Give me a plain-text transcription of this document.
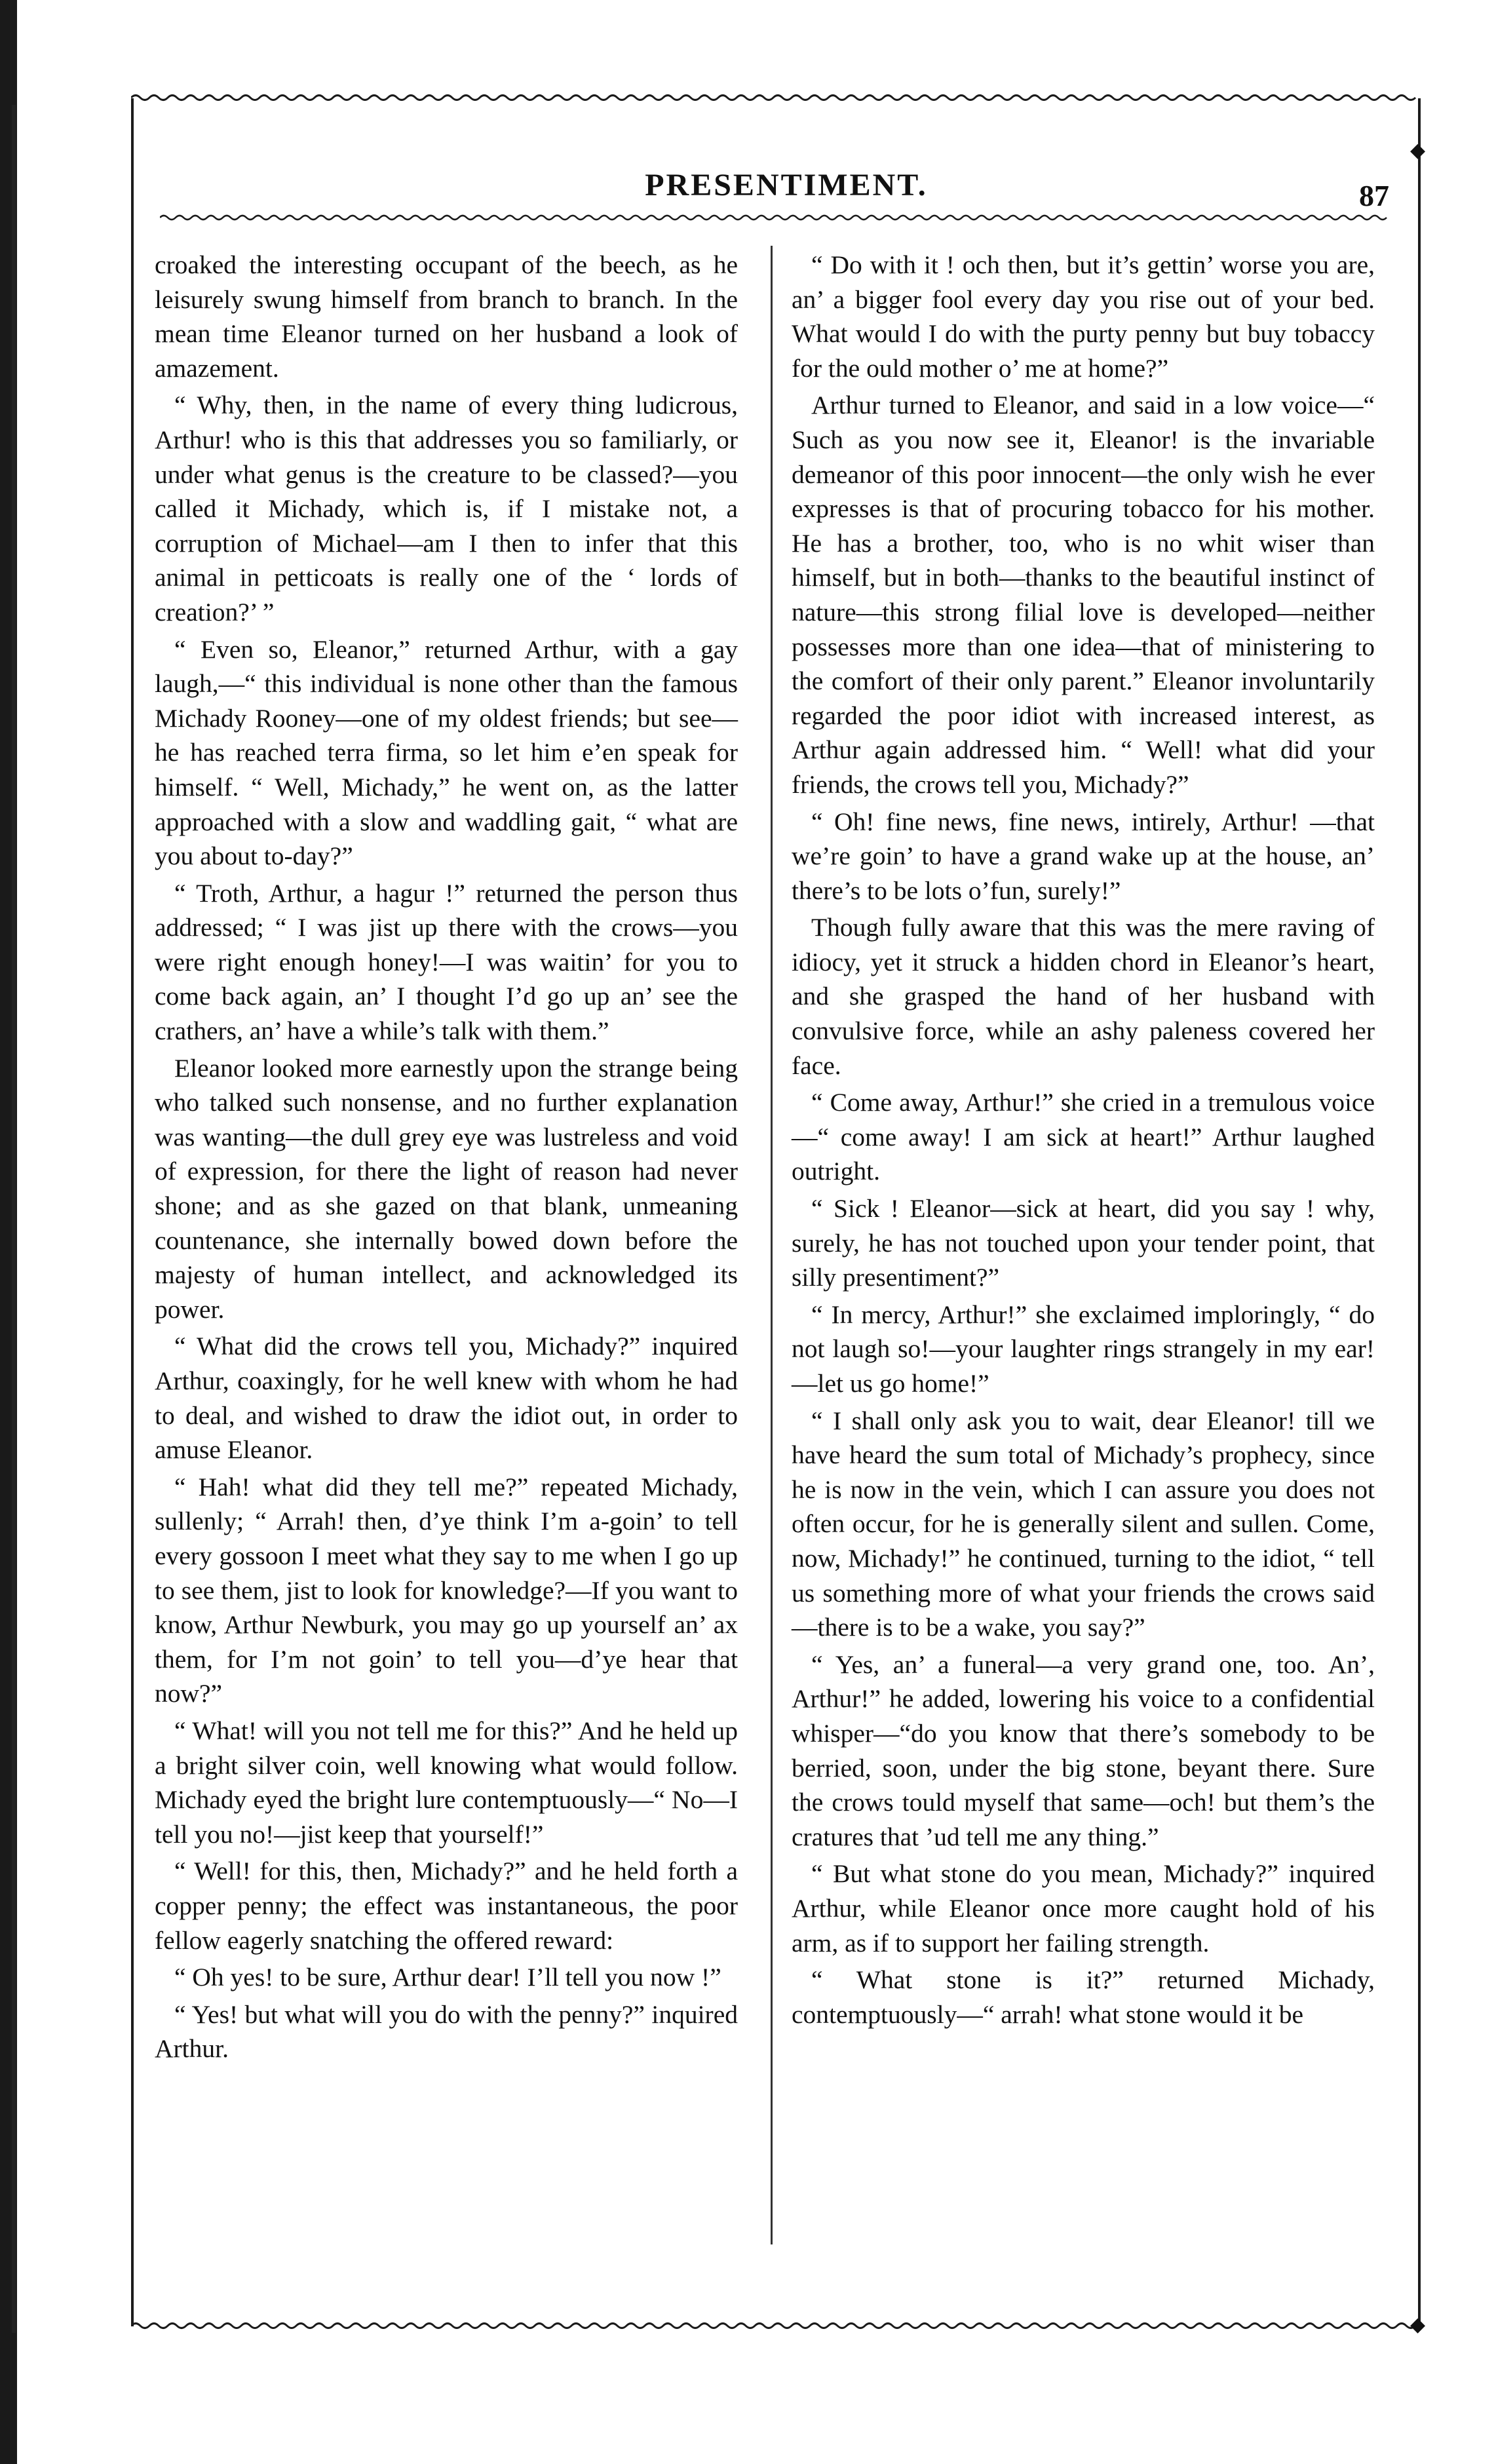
◆
◆
PRESENTIMENT.	87

croaked the interesting occupant of the beech, as he leisurely swung himself from branch to branch. In the mean time Eleanor turned on her husband a look of amazement.

“ Why, then, in the name of every thing ludicrous, Arthur! who is this that addresses you so familiarly, or under what genus is the creature to be classed?—you called it Michady, which is, if I mistake not, a corruption of Michael—am I then to infer that this animal in petticoats is really one of the ‘ lords of creation?’ ”

“ Even so, Eleanor,” returned Arthur, with a gay laugh,—“ this individual is none other than the famous Michady Rooney—one of my oldest friends; but see—he has reached terra firma, so let him e’en speak for himself. “ Well, Michady,” he went on, as the latter approached with a slow and waddling gait, “ what are you about to-day?”

“ Troth, Arthur, a hagur !” returned the person thus addressed; “ I was jist up there with the crows—you were right enough honey!—I was waitin’ for you to come back again, an’ I thought I’d go up an’ see the crathers, an’ have a while’s talk with them.”

Eleanor looked more earnestly upon the strange being who talked such nonsense, and no further explanation was wanting—the dull grey eye was lustreless and void of expression, for there the light of reason had never shone; and as she gazed on that blank, unmeaning countenance, she internally bowed down before the majesty of human intellect, and acknowledged its power.

“ What did the crows tell you, Michady?” inquired Arthur, coaxingly, for he well knew with whom he had to deal, and wished to draw the idiot out, in order to amuse Eleanor.

“ Hah! what did they tell me?” repeated Michady, sullenly; “ Arrah! then, d’ye think I’m a-goin’ to tell every gossoon I meet what they say to me when I go up to see them, jist to look for knowledge?—If you want to know, Arthur Newburk, you may go up yourself an’ ax them, for I’m not goin’ to tell you—d’ye hear that now?”

“ What! will you not tell me for this?” And he held up a bright silver coin, well knowing what would follow. Michady eyed the bright lure contemptuously—“ No—I tell you no!—jist keep that yourself!”

“ Well! for this, then, Michady?” and he held forth a copper penny; the effect was instantaneous, the poor fellow eagerly snatching the offered reward:

“ Oh yes! to be sure, Arthur dear! I’ll tell you now !”

“ Yes! but what will you do with the penny?” inquired Arthur.

“ Do with it ! och then, but it’s gettin’ worse you are, an’ a bigger fool every day you rise out of your bed. What would I do with the purty penny but buy tobaccy for the ould mother o’ me at home?”

Arthur turned to Eleanor, and said in a low voice—“ Such as you now see it, Eleanor! is the invariable demeanor of this poor innocent—the only wish he ever expresses is that of procuring tobacco for his mother. He has a brother, too, who is no whit wiser than himself, but in both—thanks to the beautiful instinct of nature—this strong filial love is developed—neither possesses more than one idea—that of ministering to the comfort of their only parent.” Eleanor involuntarily regarded the poor idiot with increased interest, as Arthur again addressed him. “ Well! what did your friends, the crows tell you, Michady?”

“ Oh! fine news, fine news, intirely, Arthur! —that we’re goin’ to have a grand wake up at the house, an’ there’s to be lots o’fun, surely!”

Though fully aware that this was the mere raving of idiocy, yet it struck a hidden chord in Eleanor’s heart, and she grasped the hand of her husband with convulsive force, while an ashy paleness covered her face.

“ Come away, Arthur!” she cried in a tremulous voice—“ come away! I am sick at heart!” Arthur laughed outright.

“ Sick ! Eleanor—sick at heart, did you say ! why, surely, he has not touched upon your tender point, that silly presentiment?”

“ In mercy, Arthur!” she exclaimed imploringly, “ do not laugh so!—your laughter rings strangely in my ear!—let us go home!”

“ I shall only ask you to wait, dear Eleanor! till we have heard the sum total of Michady’s prophecy, since he is now in the vein, which I can assure you does not often occur, for he is generally silent and sullen. Come, now, Michady!” he continued, turning to the idiot, “ tell us something more of what your friends the crows said—there is to be a wake, you say?”

“ Yes, an’ a funeral—a very grand one, too. An’, Arthur!” he added, lowering his voice to a confidential whisper—“do you know that there’s somebody to be berried, soon, under the big stone, beyant there. Sure the crows tould myself that same—och! but them’s the cratures that ’ud tell me any thing.”

“ But what stone do you mean, Michady?” inquired Arthur, while Eleanor once more caught hold of his arm, as if to support her failing strength.

“ What stone is it?” returned Michady, contemptuously—“ arrah! what stone would it be
